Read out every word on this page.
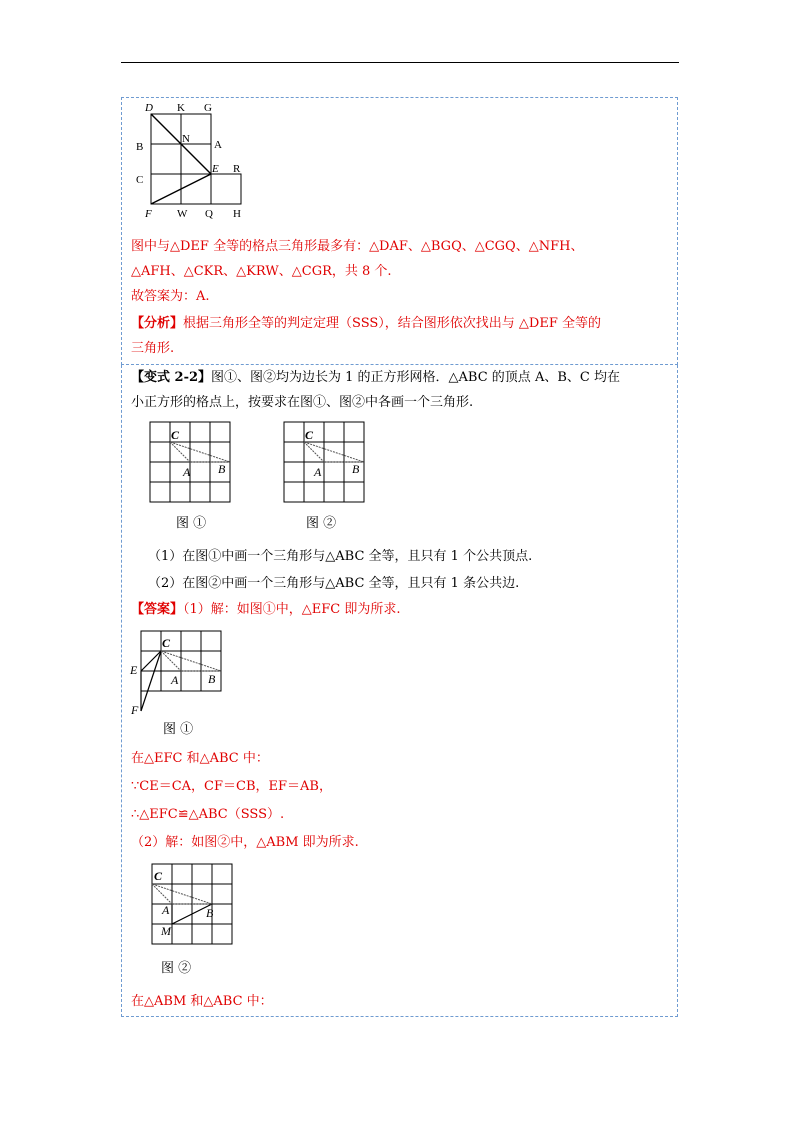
D K G
B
N A
C
E R
F W Q H
图中与△DEF 全等的格点三角形最多有：△DAF、△BGQ、△CGQ、△NFH、
△AFH、△CKR、△KRW、△CGR，共 8 个.
故答案为：A.
【分析】根据三角形全等的判定定理（SSS），结合图形依次找出与 △DEF 全等的
三角形.
【变式 2-2】图①、图②均为边长为 1 的正方形网格．△ABC 的顶点 A、B、C 均在
小正方形的格点上，按要求在图①、图②中各画一个三角形.
C
A B
C
A	B
图 ①	图 ②
（1）在图①中画一个三角形与△ABC 全等，且只有 1 个公共顶点.
（2）在图②中画一个三角形与△ABC 全等，且只有 1 条公共边.
【答案】（1）解：如图①中，△EFC 即为所求.
C
E
A B
F
图 ①
在△EFC 和△ABC 中：
∵CE＝CA，CF＝CB，EF＝AB，
∴△EFC≌△ABC（SSS）.
（2）解：如图②中，△ABM 即为所求.
C
A	B
M
图 ②
在△ABM 和△ABC 中：
